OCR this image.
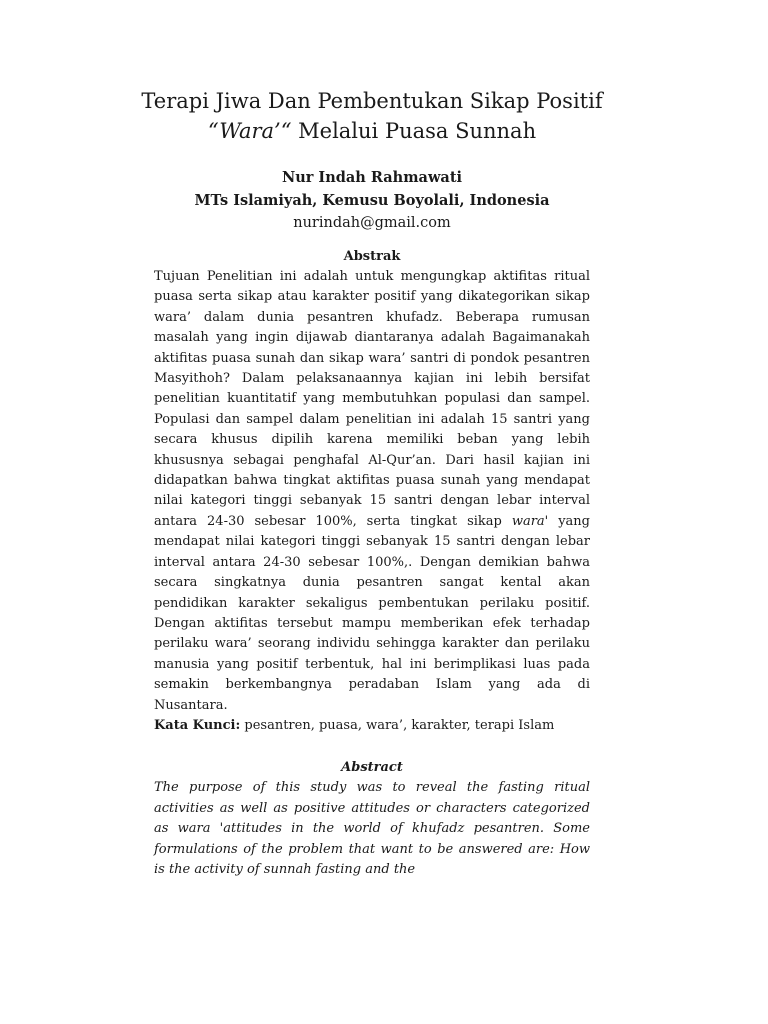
Terapi Jiwa Dan Pembentukan Sikap Positif
“Wara’“ Melalui Puasa Sunnah
Nur Indah Rahmawati
MTs Islamiyah, Kemusu Boyolali, Indonesia
nurindah@gmail.com
Abstrak

Tujuan Penelitian ini adalah untuk mengungkap aktifitas ritual puasa serta sikap atau karakter positif yang dikategorikan sikap wara’ dalam dunia pesantren khufadz. Beberapa rumusan masalah yang ingin dijawab diantaranya adalah Bagaimanakah aktifitas puasa sunah dan sikap wara’ santri di pondok pesantren Masyithoh? Dalam pelaksanaannya kajian ini lebih bersifat penelitian kuantitatif yang membutuhkan populasi dan sampel. Populasi dan sampel dalam penelitian ini adalah 15 santri yang secara khusus dipilih karena memiliki beban yang lebih khususnya sebagai penghafal Al-Qur’an. Dari hasil kajian ini didapatkan bahwa tingkat aktifitas puasa sunah yang mendapat nilai kategori tinggi sebanyak 15 santri dengan lebar interval antara 24-30 sebesar 100%, serta tingkat sikap wara' yang mendapat nilai kategori tinggi sebanyak 15 santri dengan lebar interval antara 24-30 sebesar 100%,. Dengan demikian bahwa secara singkatnya dunia pesantren sangat kental akan pendidikan karakter sekaligus pembentukan perilaku positif. Dengan aktifitas tersebut mampu memberikan efek terhadap perilaku wara’ seorang individu sehingga karakter dan perilaku manusia yang positif terbentuk, hal ini berimplikasi luas pada semakin berkembangnya peradaban Islam yang ada di Nusantara.

Kata Kunci: pesantren, puasa, wara’, karakter, terapi Islam

Abstract

The purpose of this study was to reveal the fasting ritual activities as well as positive attitudes or characters categorized as wara 'attitudes in the world of khufadz pesantren. Some formulations of the problem that want to be answered are: How is the activity of sunnah fasting and the
